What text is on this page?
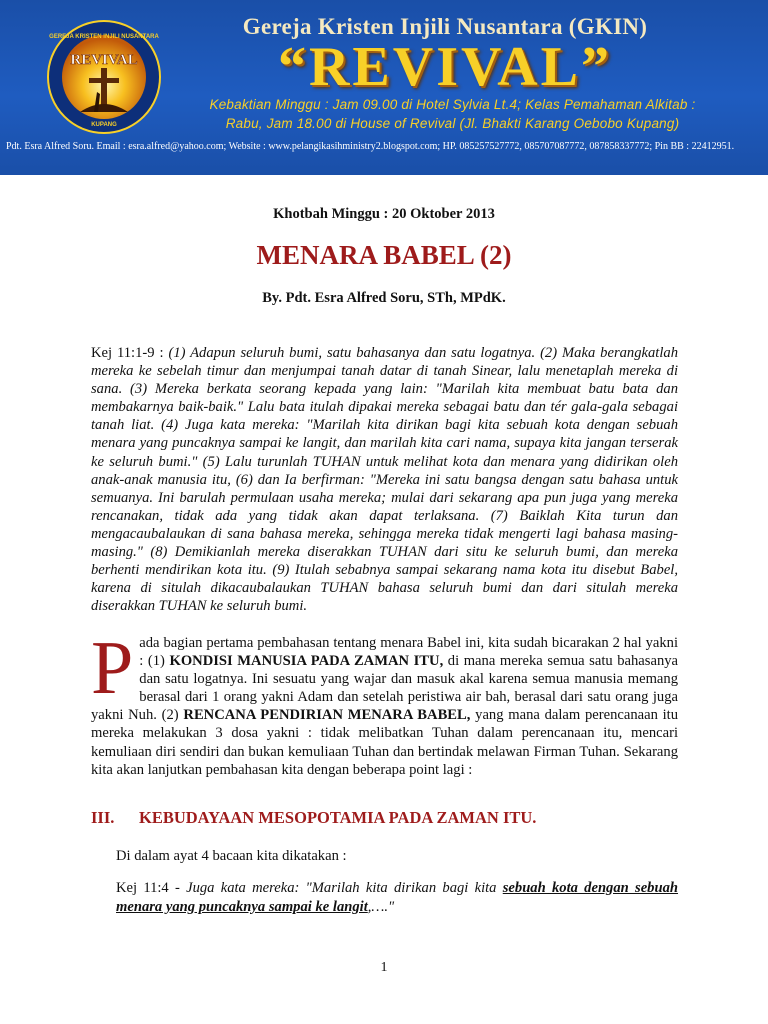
GEREJA KRISTEN INJILI NUSANTARA
REVIVAL
KUPANG
Gereja Kristen Injili Nusantara (GKIN)
“REVIVAL”
Kebaktian Minggu : Jam 09.00 di Hotel Sylvia Lt.4; Kelas Pemahaman Alkitab :
Rabu, Jam 18.00 di House of Revival (Jl. Bhakti Karang Oebobo Kupang)
Pdt. Esra Alfred Soru. Email : esra.alfred@yahoo.com; Website : www.pelangikasihministry2.blogspot.com; HP. 085257527772, 085707087772, 087858337772; Pin BB : 22412951.
Khotbah Minggu : 20 Oktober 2013
MENARA BABEL (2)
By. Pdt. Esra Alfred Soru, STh, MPdK.
Kej 11:1-9 : (1) Adapun seluruh bumi, satu bahasanya dan satu logatnya. (2) Maka berangkatlah mereka ke sebelah timur dan menjumpai tanah datar di tanah Sinear, lalu menetaplah mereka di sana. (3) Mereka berkata seorang kepada yang lain: "Marilah kita membuat batu bata dan membakarnya baik-baik." Lalu bata itulah dipakai mereka sebagai batu dan tér gala-gala sebagai tanah liat. (4) Juga kata mereka: "Marilah kita dirikan bagi kita sebuah kota dengan sebuah menara yang puncaknya sampai ke langit, dan marilah kita cari nama, supaya kita jangan terserak ke seluruh bumi." (5) Lalu turunlah TUHAN untuk melihat kota dan menara yang didirikan oleh anak-anak manusia itu, (6) dan Ia berfirman: "Mereka ini satu bangsa dengan satu bahasa untuk semuanya. Ini barulah permulaan usaha mereka; mulai dari sekarang apa pun juga yang mereka rencanakan, tidak ada yang tidak akan dapat terlaksana. (7) Baiklah Kita turun dan mengacaubalaukan di sana bahasa mereka, sehingga mereka tidak mengerti lagi bahasa masing-masing." (8) Demikianlah mereka diserakkan TUHAN dari situ ke seluruh bumi, dan mereka berhenti mendirikan kota itu. (9) Itulah sebabnya sampai sekarang nama kota itu disebut Babel, karena di situlah dikacaubalaukan TUHAN bahasa seluruh bumi dan dari situlah mereka diserakkan TUHAN ke seluruh bumi.
Pada bagian pertama pembahasan tentang menara Babel ini, kita sudah bicarakan 2 hal yakni : (1) KONDISI MANUSIA PADA ZAMAN ITU, di mana mereka semua satu bahasanya dan satu logatnya. Ini sesuatu yang wajar dan masuk akal karena semua manusia memang berasal dari 1 orang yakni Adam dan setelah peristiwa air bah, berasal dari satu orang juga yakni Nuh. (2) RENCANA PENDIRIAN MENARA BABEL, yang mana dalam perencanaan itu mereka melakukan 3 dosa yakni : tidak melibatkan Tuhan dalam perencanaan itu, mencari kemuliaan diri sendiri dan bukan kemuliaan Tuhan dan bertindak melawan Firman Tuhan. Sekarang kita akan lanjutkan pembahasan kita dengan beberapa point lagi :
III. KEBUDAYAAN MESOPOTAMIA PADA ZAMAN ITU.
Di dalam ayat 4 bacaan kita dikatakan :
Kej 11:4 - Juga kata mereka: "Marilah kita dirikan bagi kita sebuah kota dengan sebuah menara yang puncaknya sampai ke langit,…."
1
